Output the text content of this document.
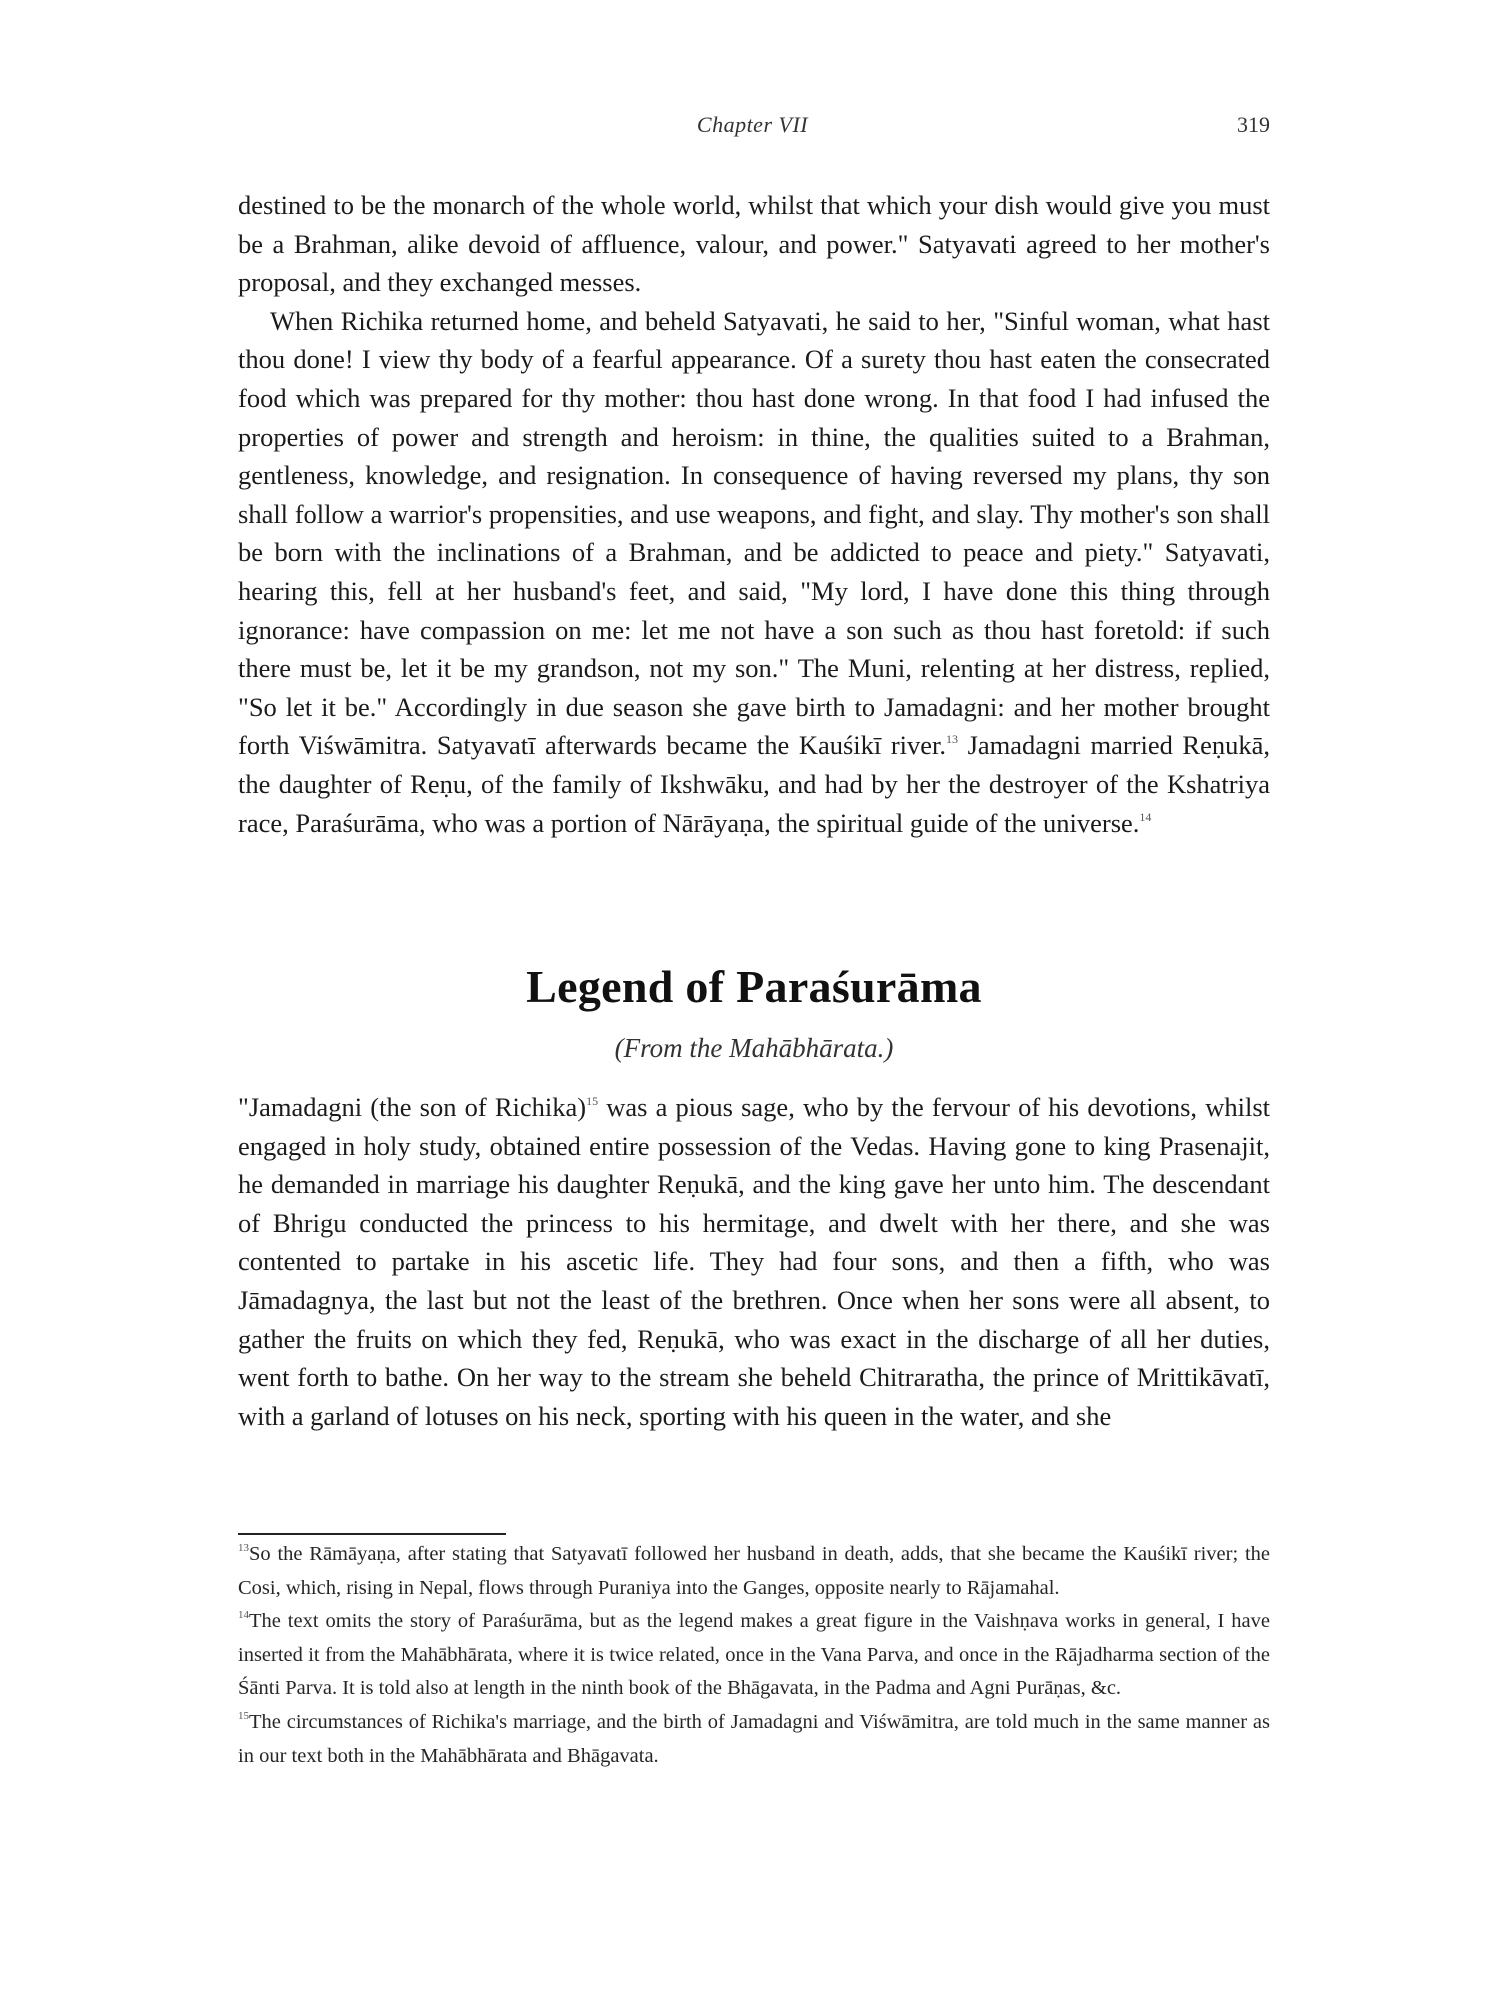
Chapter VII	319

destined to be the monarch of the whole world, whilst that which your dish would give you must be a Brahman, alike devoid of affluence, valour, and power." Satyavati agreed to her mother's proposal, and they exchanged messes.

When Richika returned home, and beheld Satyavati, he said to her, "Sinful woman, what hast thou done! I view thy body of a fearful appearance. Of a surety thou hast eaten the consecrated food which was prepared for thy mother: thou hast done wrong. In that food I had infused the properties of power and strength and heroism: in thine, the qualities suited to a Brahman, gentleness, knowledge, and resignation. In consequence of having reversed my plans, thy son shall follow a warrior's propensities, and use weapons, and fight, and slay. Thy mother's son shall be born with the inclinations of a Brahman, and be addicted to peace and piety." Satyavati, hearing this, fell at her husband's feet, and said, "My lord, I have done this thing through ignorance: have compassion on me: let me not have a son such as thou hast foretold: if such there must be, let it be my grandson, not my son." The Muni, relenting at her distress, replied, "So let it be." Accordingly in due season she gave birth to Jamadagni: and her mother brought forth Viśwāmitra. Satyavatī afterwards became the Kauśikī river.$^{13}$ Jamadagni married Reṇukā, the daughter of Reṇu, of the family of Ikshwāku, and had by her the destroyer of the Kshatriya race, Paraśurāma, who was a portion of Nārāyaṇa, the spiritual guide of the universe.$^{14}$

Legend of Paraśurāma
(From the Mahābhārata.)

"Jamadagni (the son of Richika)$^{15}$ was a pious sage, who by the fervour of his devotions, whilst engaged in holy study, obtained entire possession of the Vedas. Having gone to king Prasenajit, he demanded in marriage his daughter Reṇukā, and the king gave her unto him. The descendant of Bhrigu conducted the princess to his hermitage, and dwelt with her there, and she was contented to partake in his ascetic life. They had four sons, and then a fifth, who was Jāmadagnya, the last but not the least of the brethren. Once when her sons were all absent, to gather the fruits on which they fed, Reṇukā, who was exact in the discharge of all her duties, went forth to bathe. On her way to the stream she beheld Chitraratha, the prince of Mrittikāvatī, with a garland of lotuses on his neck, sporting with his queen in the water, and she

$^{13}$So the Rāmāyaṇa, after stating that Satyavatī followed her husband in death, adds, that she became the Kauśikī river; the Cosi, which, rising in Nepal, flows through Puraniya into the Ganges, opposite nearly to Rājamahal.

$^{14}$The text omits the story of Paraśurāma, but as the legend makes a great figure in the Vaishṇava works in general, I have inserted it from the Mahābhārata, where it is twice related, once in the Vana Parva, and once in the Rājadharma section of the Śānti Parva. It is told also at length in the ninth book of the Bhāgavata, in the Padma and Agni Purāṇas, &c.

$^{15}$The circumstances of Richika's marriage, and the birth of Jamadagni and Viśwāmitra, are told much in the same manner as in our text both in the Mahābhārata and Bhāgavata.
